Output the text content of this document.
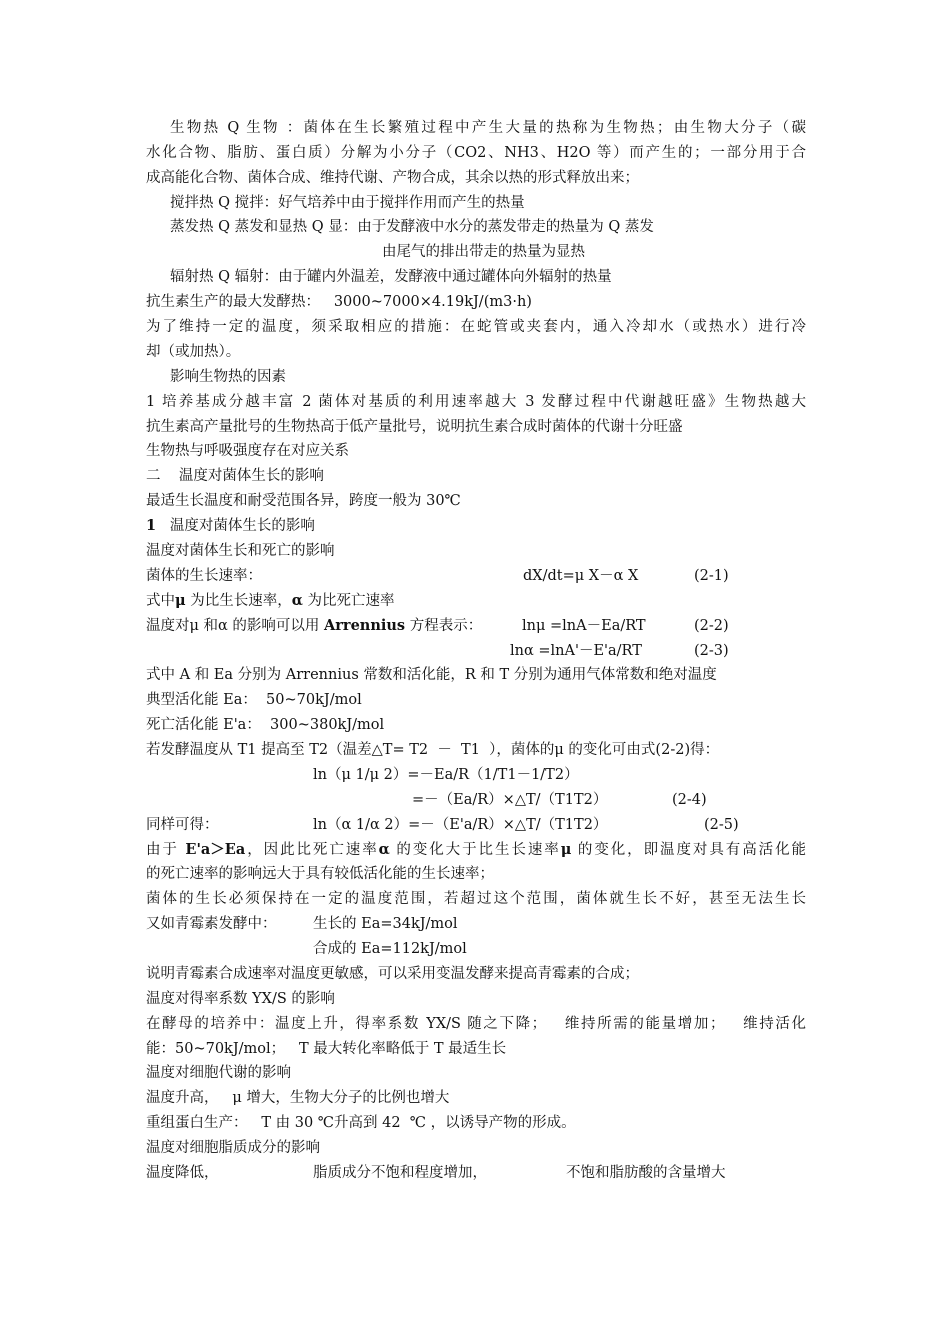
生物热 Q 生物 ：菌体在生长繁殖过程中产生大量的热称为生物热；由生物大分子（碳
水化合物、脂肪、蛋白质）分解为小分子（CO2、NH3、H2O 等）而产生的；一部分用于合
成高能化合物、菌体合成、维持代谢、产物合成，其余以热的形式释放出来；
搅拌热 Q 搅拌：好气培养中由于搅拌作用而产生的热量
蒸发热 Q 蒸发和显热 Q 显：由于发酵液中水分的蒸发带走的热量为 Q 蒸发
由尾气的排出带走的热量为显热
辐射热 Q 辐射：由于罐内外温差，发酵液中通过罐体向外辐射的热量
抗生素生产的最大发酵热：   3000~7000×4.19kJ/(m3·h)
为了维持一定的温度，须采取相应的措施：在蛇管或夹套内，通入冷却水（或热水）进行冷
却（或加热）。
影响生物热的因素
1 培养基成分越丰富 2 菌体对基质的利用速率越大 3 发酵过程中代谢越旺盛》生物热越大
抗生素高产量批号的生物热高于低产量批号，说明抗生素合成时菌体的代谢十分旺盛
生物热与呼吸强度存在对应关系
二    温度对菌体生长的影响
最适生长温度和耐受范围各异，跨度一般为 30℃
1   温度对菌体生长的影响
温度对菌体生长和死亡的影响
菌体的生长速率：	dX/dt=μ X－α X	(2-1)
式中μ 为比生长速率，α 为比死亡速率
温度对μ 和α 的影响可以用 Arrennius 方程表示：	lnμ =lnA－Ea/RT	(2-2)
lnα =lnA'－E'a/RT	(2-3)
式中 A 和 Ea 分别为 Arrennius 常数和活化能，R 和 T 分别为通用气体常数和绝对温度
典型活化能 Ea：  50~70kJ/mol
死亡活化能 E'a：  300~380kJ/mol
若发酵温度从 T1 提高至 T2（温差△T= T2  －  T1  ），菌体的μ 的变化可由式(2-2)得：
ln（μ 1/μ 2）=－Ea/R（1/T1－1/T2）
=－（Ea/R）×△T/（T1T2）	(2-4)
同样可得：	ln（α 1/α 2）=－（E'a/R）×△T/（T1T2）	(2-5)
由于 E'a＞Ea，因此比死亡速率α 的变化大于比生长速率μ 的变化，即温度对具有高活化能
的死亡速率的影响远大于具有较低活化能的生长速率；
菌体的生长必须保持在一定的温度范围，若超过这个范围，菌体就生长不好，甚至无法生长
又如青霉素发酵中：	生长的 Ea=34kJ/mol
合成的 Ea=112kJ/mol
说明青霉素合成速率对温度更敏感，可以采用变温发酵来提高青霉素的合成；
温度对得率系数 YX/S 的影响
在酵母的培养中：温度上升，得率系数 YX/S 随之下降；   维持所需的能量增加；   维持活化
能：50~70kJ/mol；   T 最大转化率略低于 T 最适生长
温度对细胞代谢的影响
温度升高，   μ 增大，生物大分子的比例也增大
重组蛋白生产：   T 由 30 ℃升高到 42  ℃ ，以诱导产物的形成。
温度对细胞脂质成分的影响
温度降低，	脂质成分不饱和程度增加，	不饱和脂肪酸的含量增大
